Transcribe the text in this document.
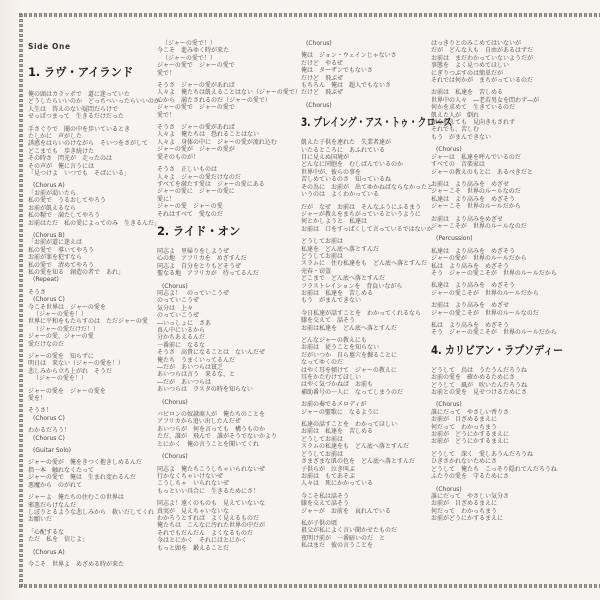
Side One
1. ラヴ・アイランド
俺の頭はカラッポで　道に迷っていた
どうしたらいいのか　どっちへいったらいいのか
人生は　答えのない疑問だらけで
せっぱつまって　生きるだけだった
手さぐりで　闇の中を歩いているとき
たしかに　声がした
誘惑をはらいのけながら　そいつをさがして
どこまでも　歩き続けた
その時さ　閃光が　走ったのは
その声が　俺に言うには
「見つけよ　いつでも　そばにいる」
(Chorus A)
「お前が渇いたら
私の愛で　うるおしてやろう
お前が飢えるなら
私の糧で　満たしてやろう
お前はただ　私の愛によってのみ　生きるんだ」
(Chorus B)
「お前が道に迷えば
私の愛で　導いてやろう
お前が罪を犯すなら
私の愛で　清めてやろう
私の愛を知る　創造の者で　あれ」
(Repeat)
そうさ
(Chorus C)
今こそ世界は　ジャーの愛を
（ジャーの愛を！）
世界に平和をもたらすのは　ただジャーの愛
（ジャーの愛だけだ！）
ジャーの愛、ジャーの愛
愛だけなのだ
ジャーの愛を　知らずに
明日は　来ない（ジャーの愛を！）
悲しみから立ち上がれ　そうだ
（ジャーの愛を！）
ジャーの愛を　ジャーの愛を
愛を！
そうさ！
(Chorus C)
わかるだろう！
(Chorus C)
(Guitar Solo)
ジャーの愛が　俺をきつく抱きしめるんだ
指一本　触れなくたって
ジャーの愛で　俺は　生まれ変わるんだ
悪魔から　のがれて
ジャーよ　俺たちの住むこの世界は
邪悪だらけなんだ
しぼりとるような悲しみから　救いだしてくれ
お願いだ
「心配するな
ただ　私を　信じよ」
(Chorus A)
今こそ　世界よ　めざめる時が来た
（ジャーの愛で！）
今こそ　進みゆく時が来た
（ジャーの愛で！）
ジャーの愛で　ジャーの愛で
愛で！
そうさ　ジャーの愛があれば
人々よ　俺たちは飢えることはない（ジャーの愛で）
心から　満たされるのだ（ジャーの愛で）
ジャーの愛で　ジャーの愛で
愛で！
そうさ　ジャーの愛があれば
人々よ　俺たちは　恐れることはない
人々よ　身体の中に　ジャーの愛が流れ込む
ジャーの愛が　ジャーの愛が
愛そのものが！
そうさ　正しいものは
人々よ　ジャーの愛だけなのだ
すべてを満たす愛は　ジャーの愛にある
ジャーの愛に　ジャーの愛に
愛に！
ジャーの愛　ジャーの愛
それはすべて　愛なのだ
2. ライド・オン
同志よ　里帰りをしようぜ
心の地　アフリカを　めざすんだ
同志よ　自分をとりもどそうぜ
聖なる地　アフリカが　待ってるんだ
(Chorus)
同志よ！　のっていこうぜ
のっていこうぜ
気分は　上々
のっていこうぜ
―いっしょに　さあ
真ん中にいるから
分かちあえるんだ
一番前に　なるな
そうさ　高貴になることは　ないんだぜ
俺たち　うまくいってるんだ
―だが　あいつらは貧乏
あいつらは言う　来るな、と
―だが　あいつらは
あいつらは　ラスタの時を知らない
(Chorus)
バビロンの奴隷商人が　俺たちのことを
アフリカから追い出したんだぜ
あいつらが　何を言っても　構うものか
ただ、誰が　飛んで　誰がそうでないかより
とにかく　俺の言うことを聞いてくれ
(Chorus)
同志よ　俺たちこうしちゃいられないぜ
行かなくちゃいけないぜ
こうしちゃ　いられないぜ
もっといい具合に　生きるためにさ！
同志よ！遠くのものも　見えていないな
真実が　見えちゃいないな
わかろうとすれば　よく見えるものだ
俺たちは　こんなに汚れた世界の中だが
それでもだんだん　よくなるものだ
今はとにかく　それにはとにかく
もっと頭を　鍛えることだ
(Chorus)
俺は　ジョン・ウェインじゃないさ
だけど　やるぜ
俺は　ターザンでもないさ
だけど　飛ぶぜ
もちろん　俺は　超人でもないさ
だけど　飛ぶぜ
(Chorus)
3. プレイング・アス・トゥ・クロース
飢えた子供を連れた　失業者達が
いたるところに　あふれている
目に見えぬ国境が
どんなに同胞を　むしばんでいるのか
世界中が、彼らの事を
苦しめているのさ　知っているね
その為に　お前が　出てゆかねばならなかったと
いうのは　よくわかっている
だが　なぜ　お前は　そんなふうにふるまう
ジャーが教えをまちがっているというように
何とかしようと　私達は
お前は　口をすっぱくして言っているではないか
どうしてお前は
私達を　どん底へ落とすんだ
どうしてお前は
スラムに　住む私達をも　どん底へ落とすんだ
売春・窃盗
どこまで　どん底へ落とすんだ
フラストレイションを　背負いながら
お前は　私達を　苦しめる
もう　がまんできない
今日私達が話すことを　わかってくれるなら
膝を交えて　話そう
お前は私達を　どん底へ落とすんだ
どんなジャーの教えにも
お前は　従うことを知らない
だがいつか　自ら墓穴を掘ることに
なってゆくのだ
はやく耳を傾けて　ジャーの教えに
耳をかたむけてほしい
はやく気づかねば　お前も
補助番号の一人に　なってしまうのだ
お前の奏でるメロディが
ジャーの聖歌に　なるように
私達の話すことを　わかってほしい
お前は　私達を　苦しめる
どうしてお前は
スラムの私達をも　どん底へ落とすんだ
どうしてお前は
さまざまな肌の色を　どん底へ落とすんだ
子供らが　泣き叫ぶ
お前は　もてあそぶ
人々は　死にかかっている
今こそ私は話そう
膝を交えて話そう
ジャーが　お前を　哀れんでいる
私が子供の頃
祖父が私によく言い聞かせたものだ
夜明け前が　一番暗いのだ　と
私はまだ　彼の言うことを
はっきりとのみこめてはいないが
だが　どんな人も　自由があるはずだ
お前は　まだわかっていないようだが
事態を　よく見つめてほしい
にぎりつぶすのは簡単だが
それでは何かが　まちがっているのだ
お前は　私達を　苦しめる
世界中の人々　―老若男女を問わず―が
何かを求めて　生きているのだ
飢えた人が　倒れ
頭を抱えても　見向きもされず
それでも、苦しむ
もう　がまんできない
(Chorus)
ジャーは　私達を呼んでいるのだ
すべての　音楽家は
ジャーの教えのもとに　あるべきだと
お前は　より高みを　めざせ
ジャーこそ　世界のルールなのだ
私達は　より高みを　めざそう
ジャーこそ　世界のルールだから
お前は　より高みをめざせ
ジャーこそが　世界のルールなのだ
(Percussion)
私達は　より高みを　めざそう
ジャーの愛が　世界のルールだから
私は　より高みを　めざそう
そう　ジャーの愛こそが　世界のルールだから
私達は　より高みを　めざそう
ジャーの愛こそが　世界のルールだから
お前は　より高みを　めざせ
ジャーの愛こそが　世界のルールなのだ
私は　より高みを　めざそう
そう　ジャーの愛こそが　世界のルールだから
4. カリビアン・ラプソディー
どうして　鳥は　うたうんだろうね
お前の愛を　確かめるためにさ
どうして　風が　吹いたんだろうね
お前との愛を　見せつけるためにさ
(Chorus)
誰にだって　やさしい香りさ
お前が　目ざめるまえに
何だって　わかっちまう
お前が　どうにかするまえに
お前が　どうにかするまえに
どうして　深く　愛しあうんだろうね
ひきさかれないためにさ
どうして　俺たち　こっそり隠れてんだろうね
ふたりの愛を　守るためにさ
(Chorus)
誰にだって　やさしい気分さ
お前が　目ざめるまえに
何だって　わかっちまう
お前がどうにかするまえに
